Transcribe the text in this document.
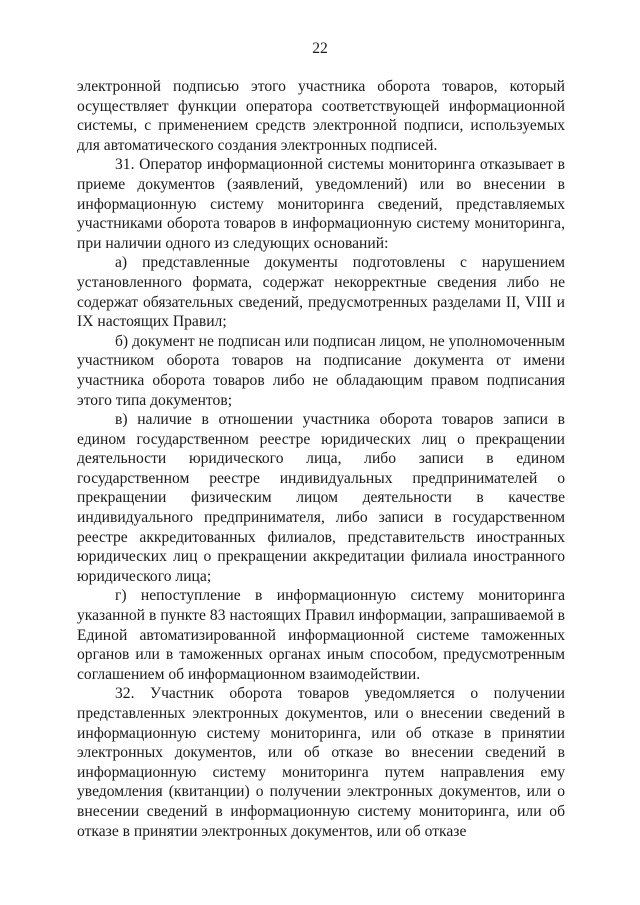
22

электронной подписью этого участника оборота товаров, который осуществляет функции оператора соответствующей информационной системы, с применением средств электронной подписи, используемых для автоматического создания электронных подписей.

31. Оператор информационной системы мониторинга отказывает в приеме документов (заявлений, уведомлений) или во внесении в информационную систему мониторинга сведений, представляемых участниками оборота товаров в информационную систему мониторинга, при наличии одного из следующих оснований:

а) представленные документы подготовлены с нарушением установленного формата, содержат некорректные сведения либо не содержат обязательных сведений, предусмотренных разделами II, VIII и IX настоящих Правил;

б) документ не подписан или подписан лицом, не уполномоченным участником оборота товаров на подписание документа от имени участника оборота товаров либо не обладающим правом подписания этого типа документов;

в) наличие в отношении участника оборота товаров записи в едином государственном реестре юридических лиц о прекращении деятельности юридического лица, либо записи в едином государственном реестре индивидуальных предпринимателей о прекращении физическим лицом деятельности в качестве индивидуального предпринимателя, либо записи в государственном реестре аккредитованных филиалов, представительств иностранных юридических лиц о прекращении аккредитации филиала иностранного юридического лица;

г) непоступление в информационную систему мониторинга указанной в пункте 83 настоящих Правил информации, запрашиваемой в Единой автоматизированной информационной системе таможенных органов или в таможенных органах иным способом, предусмотренным соглашением об информационном взаимодействии.

32. Участник оборота товаров уведомляется о получении представленных электронных документов, или о внесении сведений в информационную систему мониторинга, или об отказе в принятии электронных документов, или об отказе во внесении сведений в информационную систему мониторинга путем направления ему уведомления (квитанции) о получении электронных документов, или о внесении сведений в информационную систему мониторинга, или об отказе в принятии электронных документов, или об отказе
